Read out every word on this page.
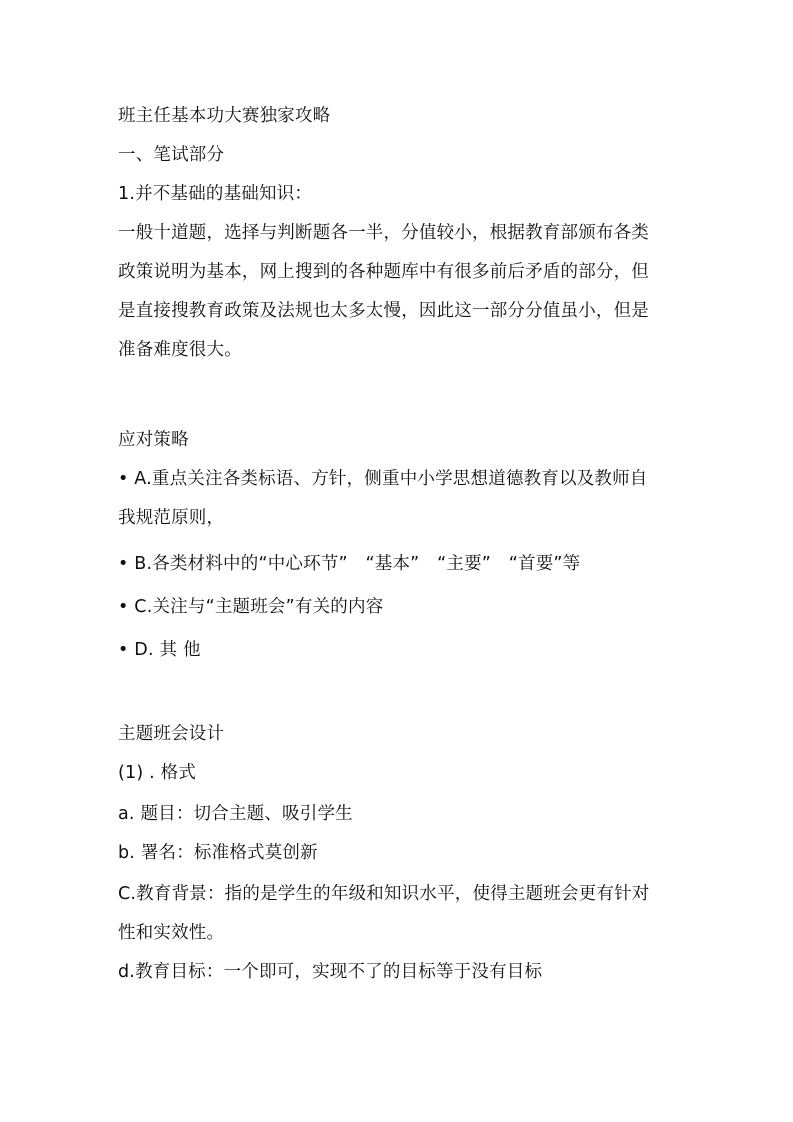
班主任基本功大赛独家攻略
一、笔试部分
1.并不基础的基础知识：
一般十道题，选择与判断题各一半，分值较小，根据教育部颁布各类
政策说明为基本，网上搜到的各种题库中有很多前后矛盾的部分，但
是直接搜教育政策及法规也太多太慢，因此这一部分分值虽小，但是
准备难度很大。
应对策略
• A.重点关注各类标语、方针，侧重中小学思想道德教育以及教师自
我规范原则，
• B.各类材料中的“中心环节”　“基本”　“主要”　“首要”等
• C.关注与“主题班会”有关的内容
• D. 其 他
主题班会设计
(1) . 格式
a. 题目：切合主题、吸引学生
b. 署名：标准格式莫创新
C.教育背景：指的是学生的年级和知识水平，使得主题班会更有针对
性和实效性。
d.教育目标：一个即可，实现不了的目标等于没有目标
